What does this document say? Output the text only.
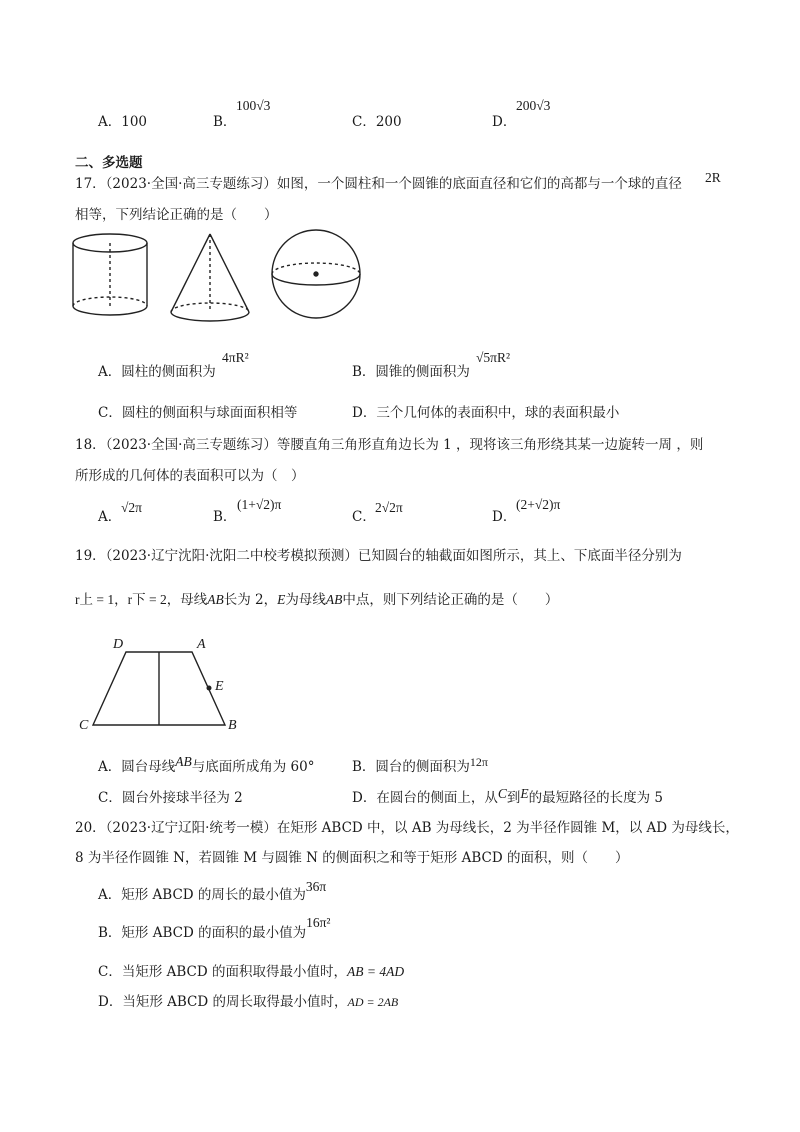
A．100	B．
100√3
C．200	D．
200√3
二、多选题
17．（2023·全国·高三专题练习）如图，一个圆柱和一个圆锥的底面直径和它们的高都与一个球的直径 2R
相等，下列结论正确的是（　　）
A．圆柱的侧面积为
4πR²
B．圆锥的侧面积为
√5πR²
C．圆柱的侧面积与球面面积相等	D．三个几何体的表面积中，球的表面积最小
18．（2023·全国·高三专题练习）等腰直角三角形直角边长为 1 ，现将该三角形绕其某一边旋转一周 ，则
所形成的几何体的表面积可以为（　）
A．
√2π
B．
(1+√2)π
C．
2√2π
D．
(2+√2)π
19．（2023·辽宁沈阳·沈阳二中校考模拟预测）已知圆台的轴截面如图所示，其上、下底面半径分别为
r上 = 1，r下 = 2，母线AB长为 2，E为母线AB中点，则下列结论正确的是（　　）
D	A
E
C	B
A．圆台母线AB与底面所成角为 60°	B．圆台的侧面积为12π
C．圆台外接球半径为 2	D．在圆台的侧面上，从C到E的最短路径的长度为 5
20．（2023·辽宁辽阳·统考一模）在矩形 ABCD 中，以 AB 为母线长，2 为半径作圆锥 M，以 AD 为母线长，
8 为半径作圆锥 N，若圆锥 M 与圆锥 N 的侧面积之和等于矩形 ABCD 的面积，则（　　）
A．矩形 ABCD 的周长的最小值为36π
B．矩形 ABCD 的面积的最小值为16π²
C．当矩形 ABCD 的面积取得最小值时，AB = 4AD
D．当矩形 ABCD 的周长取得最小值时，AD = 2AB
